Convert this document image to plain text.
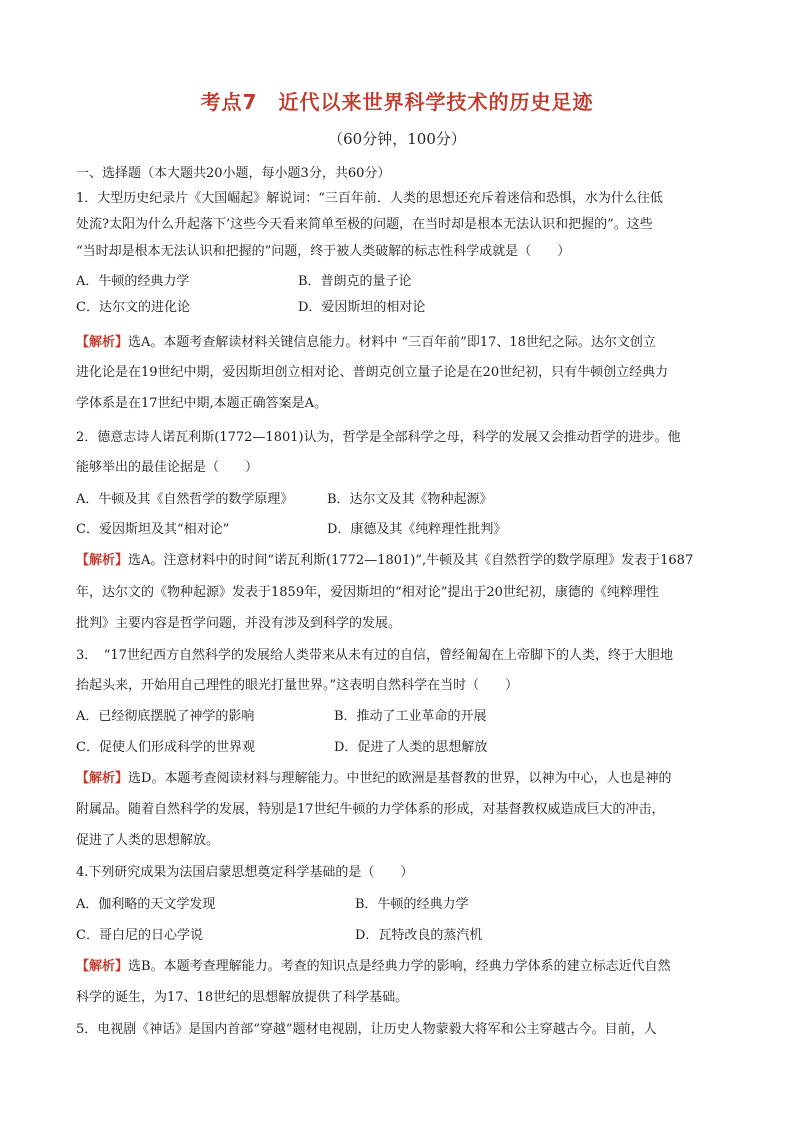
考点7　近代以来世界科学技术的历史足迹
（60分钟，100分）
一、选择题（本大题共20小题，每小题3分，共60分）
1．大型历史纪录片《大国崛起》解说词：“三百年前．人类的思想还充斥着迷信和恐惧，水为什么往低
处流?太阳为什么升起落下’这些今天看来简单至极的问题，在当时却是根本无法认识和把握的”。这些
“当时却是根本无法认识和把握的”问题，终于被人类破解的标志性科学成就是（　　）
A．牛顿的经典力学	B．普朗克的量子论
C．达尔文的进化论	D．爱因斯坦的相对论
【解析】选A。本题考查解读材料关键信息能力。材料中 “三百年前”即17、18世纪之际。达尔文创立
进化论是在19世纪中期，爱因斯坦创立相对论、普朗克创立量子论是在20世纪初，只有牛顿创立经典力
学体系是在17世纪中期,本题正确答案是A。
2．德意志诗人诺瓦利斯(1772—1801)认为，哲学是全部科学之母，科学的发展又会推动哲学的进步。他
能够举出的最佳论据是（　　）
A．牛顿及其《自然哲学的数学原理》	B．达尔文及其《物种起源》
C．爱因斯坦及其“相对论”	D．康德及其《纯粹理性批判》
【解析】选A。注意材料中的时间“诺瓦利斯(1772—1801)”,牛顿及其《自然哲学的数学原理》发表于1687
年，达尔文的《物种起源》发表于1859年，爱因斯坦的“相对论”提出于20世纪初，康德的《纯粹理性
批判》主要内容是哲学问题，并没有涉及到科学的发展。
3．　“17世纪西方自然科学的发展给人类带来从未有过的自信，曾经匍匐在上帝脚下的人类，终于大胆地
抬起头来，开始用自己理性的眼光打量世界。”这表明自然科学在当时（　　）
A．已经彻底摆脱了神学的影响	B．推动了工业革命的开展
C．促使人们形成科学的世界观	D．促进了人类的思想解放
【解析】选D。本题考查阅读材料与理解能力。中世纪的欧洲是基督教的世界，以神为中心，人也是神的
附属品。随着自然科学的发展，特别是17世纪牛顿的力学体系的形成，对基督教权威造成巨大的冲击，
促进了人类的思想解放。
4.下列研究成果为法国启蒙思想奠定科学基础的是（　　）
A．伽利略的天文学发现	B．牛顿的经典力学
C．哥白尼的日心学说	D．瓦特改良的蒸汽机
【解析】选B。本题考查理解能力。考查的知识点是经典力学的影响，经典力学体系的建立标志近代自然
科学的诞生，为17、18世纪的思想解放提供了科学基础。
5．电视剧《神话》是国内首部“穿越”题材电视剧，让历史人物蒙毅大将军和公主穿越古今。目前，人
